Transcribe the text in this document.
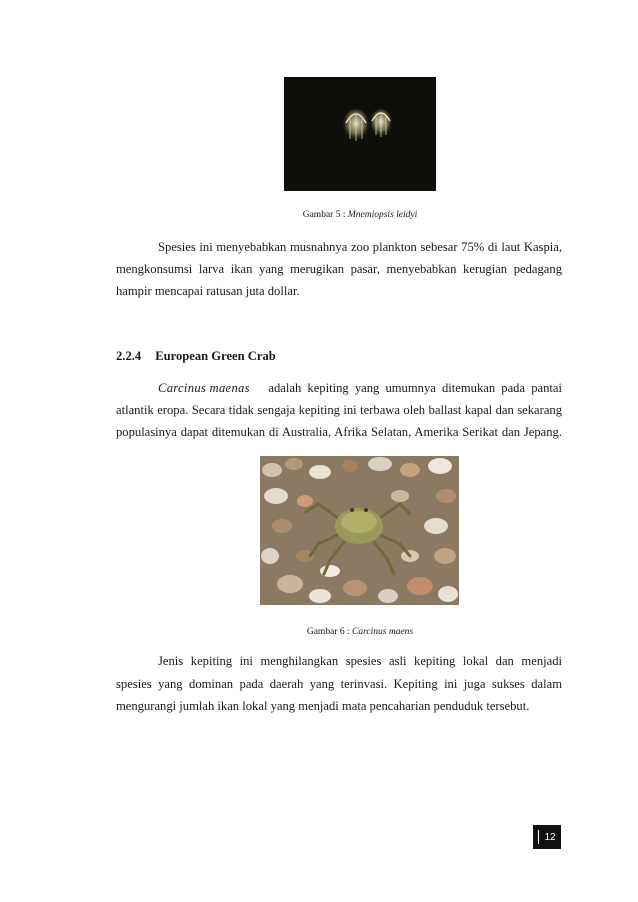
Gambar 5 : Mnemiopsis leidyi
Spesies ini menyebabkan musnahnya zoo plankton sebesar 75% di laut Kaspia,
mengkonsumsi larva ikan yang merugikan pasar, menyebabkan kerugian pedagang
hampir mencapai ratusan juta dollar.
2.2.4 European Green Crab
Carcinus maenas adalah kepiting yang umumnya ditemukan pada pantai
atlantik eropa. Secara tidak sengaja kepiting ini terbawa oleh ballast kapal dan sekarang
populasinya dapat ditemukan di Australia, Afrika Selatan, Amerika Serikat dan Jepang.
Gambar 6 : Carcinus maens
Jenis kepiting ini menghilangkan spesies asli kepiting lokal dan menjadi
spesies yang dominan pada daerah yang terinvasi. Kepiting ini juga sukses dalam
mengurangi jumlah ikan lokal yang menjadi mata pencaharian penduduk tersebut.
12
